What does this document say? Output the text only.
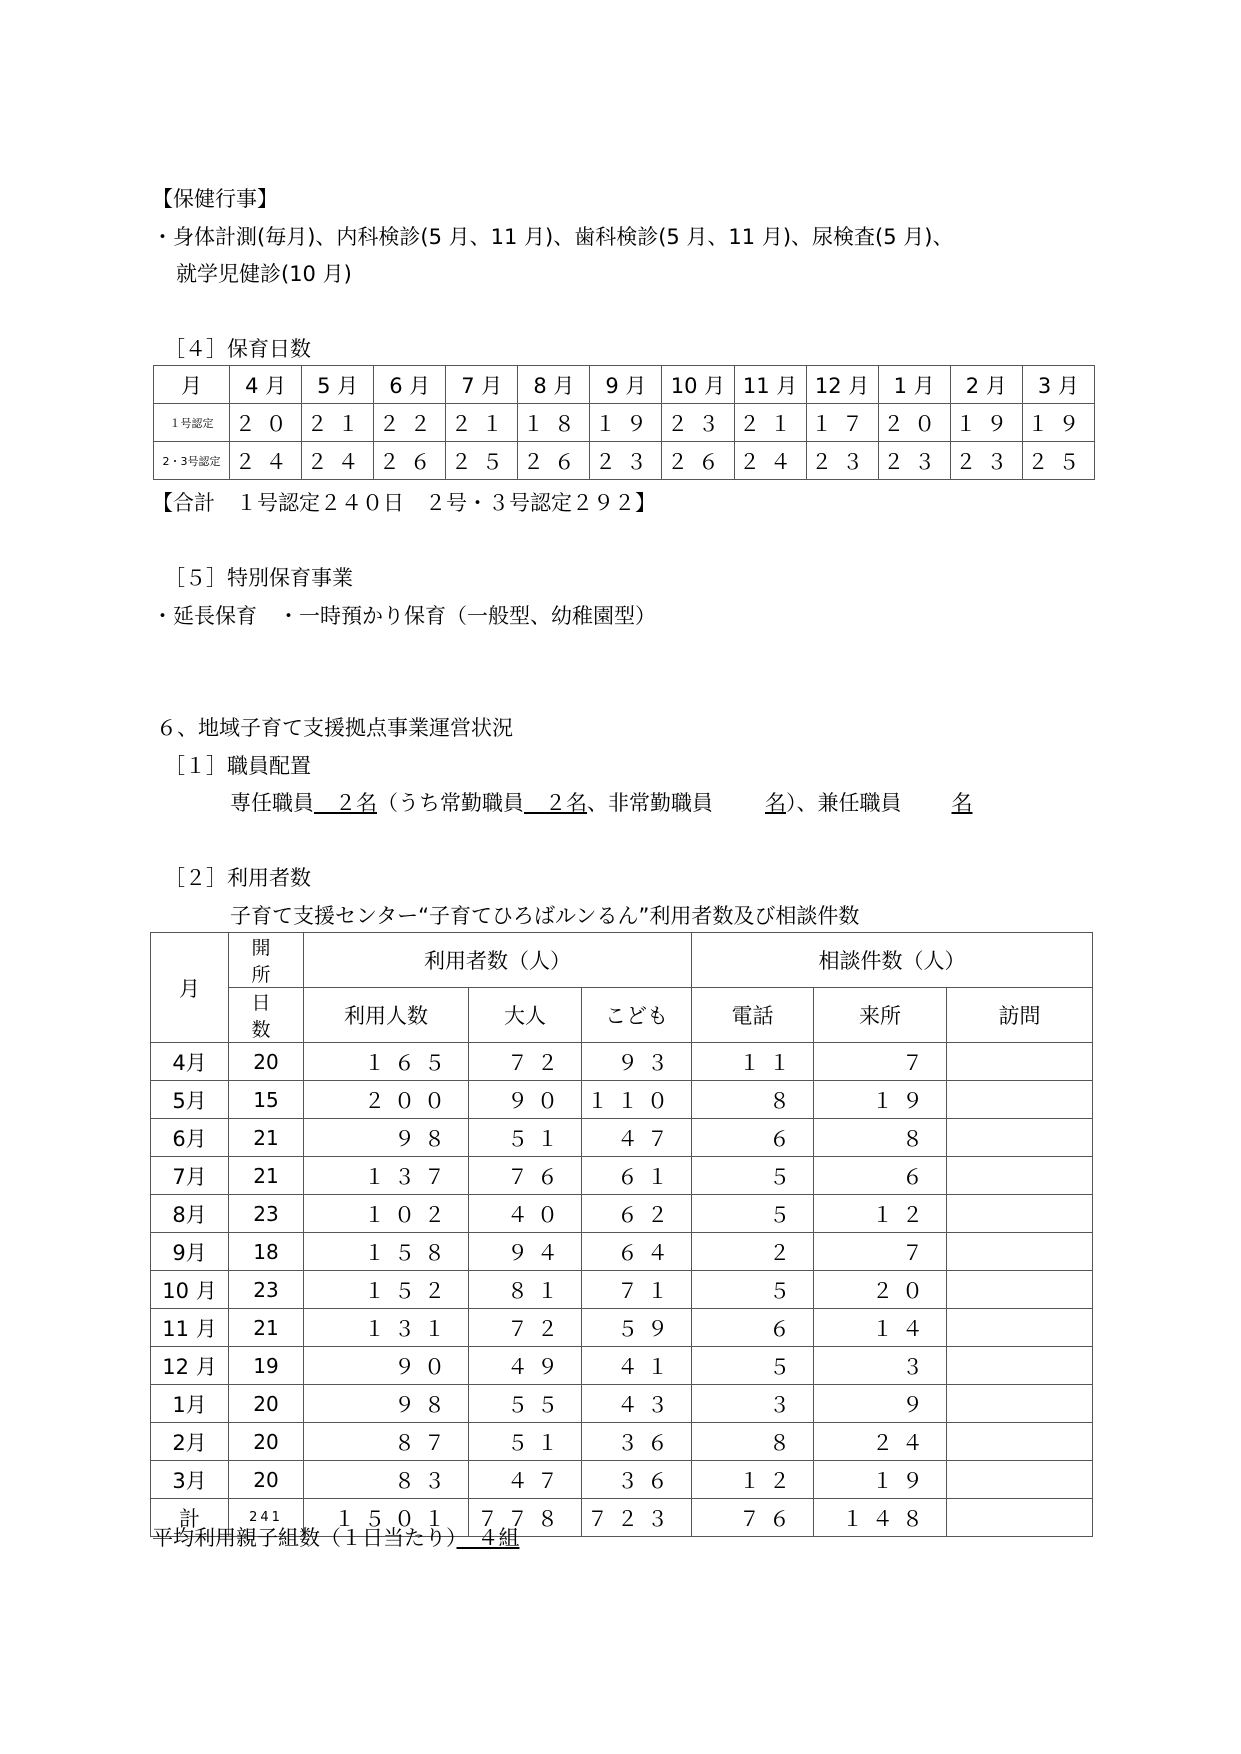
【保健行事】
・身体計測(毎月)、内科検診(5 月、11 月)、歯科検診(5 月、11 月)、尿検査(5 月)、
就学児健診(10 月)
［４］保育日数
月	4 月	5 月	6 月	7 月	8 月	9 月	10 月	11 月	12 月	1 月	2 月	3 月
１号認定	２０	２１	２２	２１	１８	１９	２３	２１	１７	２０	１９	１９
2・3号認定	２４	２４	２６	２５	２６	２３	２６	２４	２３	２３	２３	２５
【合計　１号認定２４０日　２号・３号認定２９２】
［５］特別保育事業
・延長保育　・一時預かり保育（一般型、幼稚園型）
６、地域子育て支援拠点事業運営状況
［１］職員配置
専任職員　２名（うち常勤職員　２名、非常勤職員 名）、兼任職員 名
［２］利用者数
子育て支援センター“子育てひろばルンるん”利用者数及び相談件数
月	開 所	利用者数（人）			相談件数（人）		
	日 数	利用人数	大人	こども	電話	来所	訪問
4月	20	１６５	７２	９３	１１	７	
5月	15	２００	９０	１１０	８	１９	
6月	21	９８	５１	４７	６	８	
7月	21	１３７	７６	６１	５	６	
8月	23	１０２	４０	６２	５	１２	
9月	18	１５８	９４	６４	２	７	
10 月	23	１５２	８１	７１	５	２０	
11 月	21	１３１	７２	５９	６	１４	
12 月	19	９０	４９	４１	５	３	
1月	20	９８	５５	４３	３	９	
2月	20	８７	５１	３６	８	２４	
3月	20	８３	４７	３６	１２	１９	
計	241	１５０１	７７８	７２３	７６	１４８	
平均利用親子組数（１日当たり）　４組
